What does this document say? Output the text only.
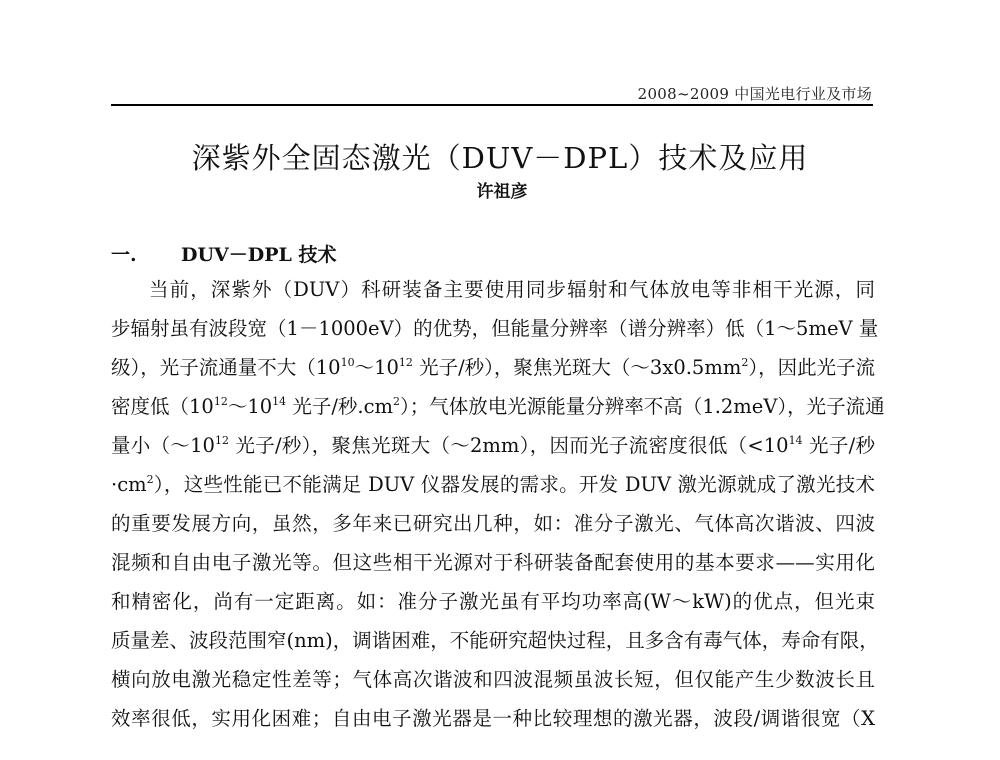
2008~2009 中国光电行业及市场
深紫外全固态激光（DUV－DPL）技术及应用
许祖彦
一. DUV－DPL 技术
当前，深紫外（DUV）科研装备主要使用同步辐射和气体放电等非相干光源，同
步辐射虽有波段宽（1－1000eV）的优势，但能量分辨率（谱分辨率）低（1～5meV 量
级），光子流通量不大（$10^{10}\sim 10^{12}$ 光子/秒），聚焦光斑大$(\sim 3x0.5mm^2)$，因此光子流
密度低（$10^{12}\sim 10^{14}$ 光子/秒$.cm^2$）；气体放电光源能量分辨率不高（1.2meV），光子流通
量小（$\sim 10^{12}$ 光子/秒），聚焦光斑大（～2mm），因而光子流密度很低（$<10^{14}$ 光子/秒
$\cdot cm^2$），这些性能已不能满足 DUV 仪器发展的需求。开发 DUV 激光源就成了激光技术
的重要发展方向，虽然，多年来已研究出几种，如：准分子激光、气体高次谐波、四波
混频和自由电子激光等。但这些相干光源对于科研装备配套使用的基本要求——实用化
和精密化，尚有一定距离。如：准分子激光虽有平均功率高(W～kW)的优点，但光束
质量差、波段范围窄(nm)，调谐困难，不能研究超快过程，且多含有毒气体，寿命有限，
横向放电激光稳定性差等；气体高次谐波和四波混频虽波长短，但仅能产生少数波长且
效率很低，实用化困难；自由电子激光器是一种比较理想的激光器，波段/调谐很宽（X
